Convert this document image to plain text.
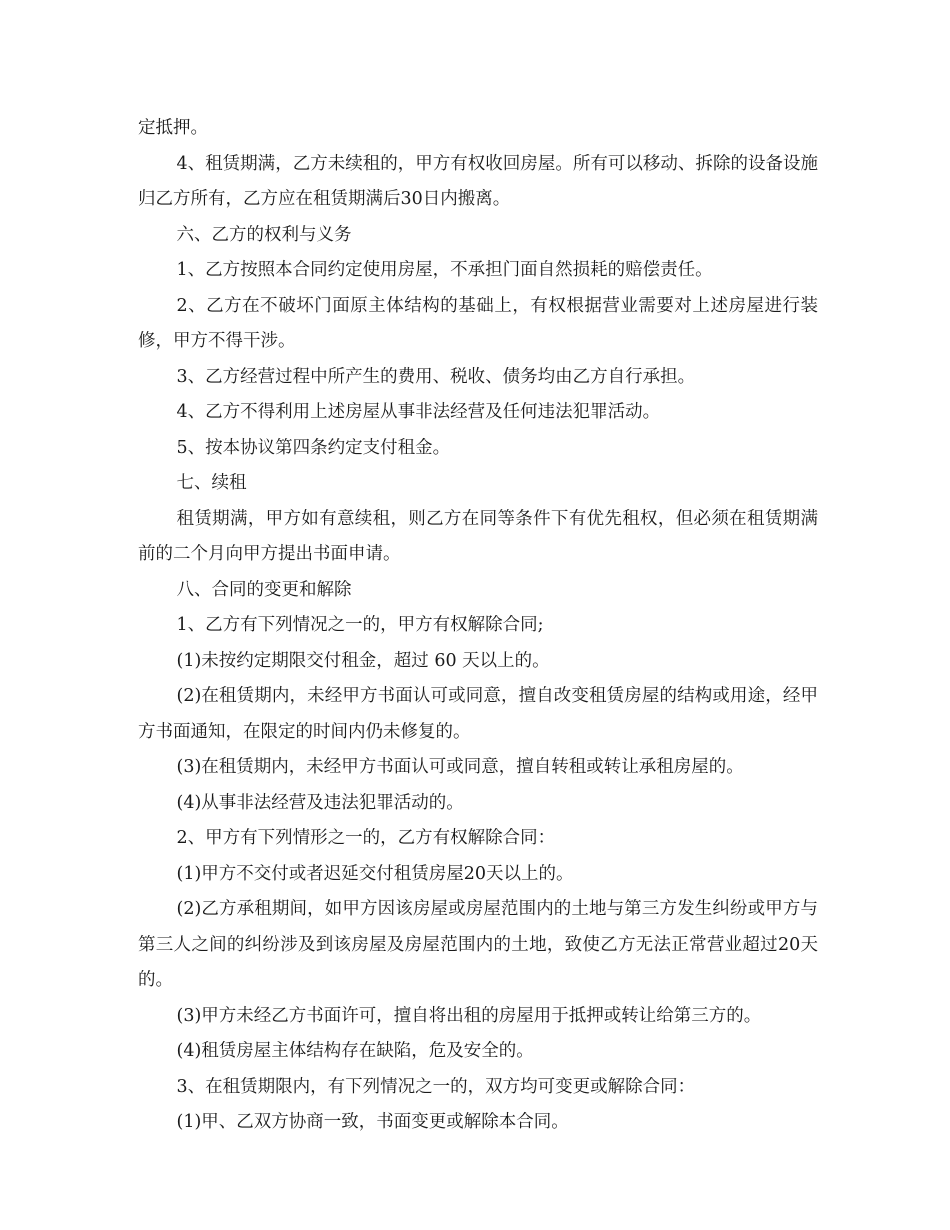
定抵押。

4、租赁期满，乙方未续租的，甲方有权收回房屋。所有可以移动、拆除的设备设施归乙方所有，乙方应在租赁期满后30日内搬离。

六、乙方的权利与义务

1、乙方按照本合同约定使用房屋，不承担门面自然损耗的赔偿责任。

2、乙方在不破坏门面原主体结构的基础上，有权根据营业需要对上述房屋进行装修，甲方不得干涉。

3、乙方经营过程中所产生的费用、税收、债务均由乙方自行承担。

4、乙方不得利用上述房屋从事非法经营及任何违法犯罪活动。

5、按本协议第四条约定支付租金。

七、续租

租赁期满，甲方如有意续租，则乙方在同等条件下有优先租权，但必须在租赁期满前的二个月向甲方提出书面申请。

八、合同的变更和解除

1、乙方有下列情况之一的，甲方有权解除合同;

(1)未按约定期限交付租金，超过 60 天以上的。

(2)在租赁期内，未经甲方书面认可或同意，擅自改变租赁房屋的结构或用途，经甲方书面通知，在限定的时间内仍未修复的。

(3)在租赁期内，未经甲方书面认可或同意，擅自转租或转让承租房屋的。

(4)从事非法经营及违法犯罪活动的。

2、甲方有下列情形之一的，乙方有权解除合同：

(1)甲方不交付或者迟延交付租赁房屋20天以上的。

(2)乙方承租期间，如甲方因该房屋或房屋范围内的土地与第三方发生纠纷或甲方与第三人之间的纠纷涉及到该房屋及房屋范围内的土地，致使乙方无法正常营业超过20天的。

(3)甲方未经乙方书面许可，擅自将出租的房屋用于抵押或转让给第三方的。

(4)租赁房屋主体结构存在缺陷，危及安全的。

3、在租赁期限内，有下列情况之一的，双方均可变更或解除合同：

(1)甲、乙双方协商一致，书面变更或解除本合同。
